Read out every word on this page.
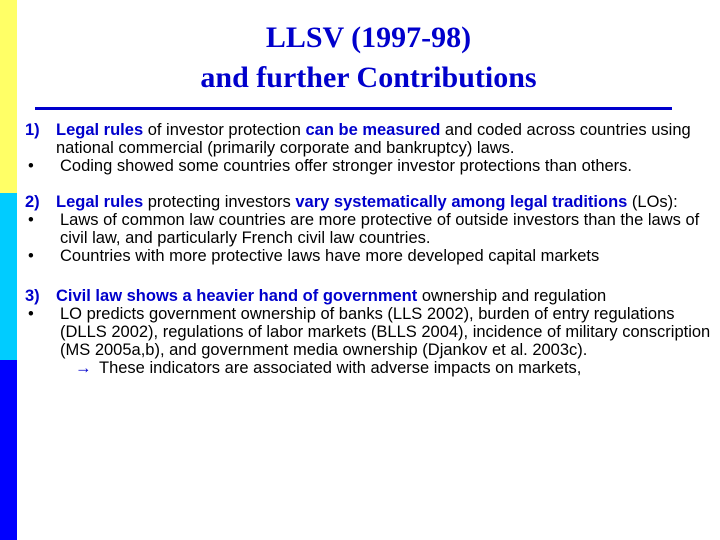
LLSV (1997-98)
and further Contributions
1) Legal rules of investor protection can be measured and coded across countries using national commercial (primarily corporate and bankruptcy) laws.
• Coding showed some countries offer stronger investor protections than others.
2) Legal rules protecting investors vary systematically among legal traditions (LOs):
• Laws of common law countries are more protective of outside investors than the laws of civil law, and particularly French civil law countries.
• Countries with more protective laws have more developed capital markets
3) Civil law shows a heavier hand of government ownership and regulation
• LO predicts government ownership of banks (LLS 2002), burden of entry regulations (DLLS 2002), regulations of labor markets (BLLS 2004), incidence of military conscription (MS 2005a,b), and government media ownership (Djankov et al. 2003c).
→ These indicators are associated with adverse impacts on markets,
